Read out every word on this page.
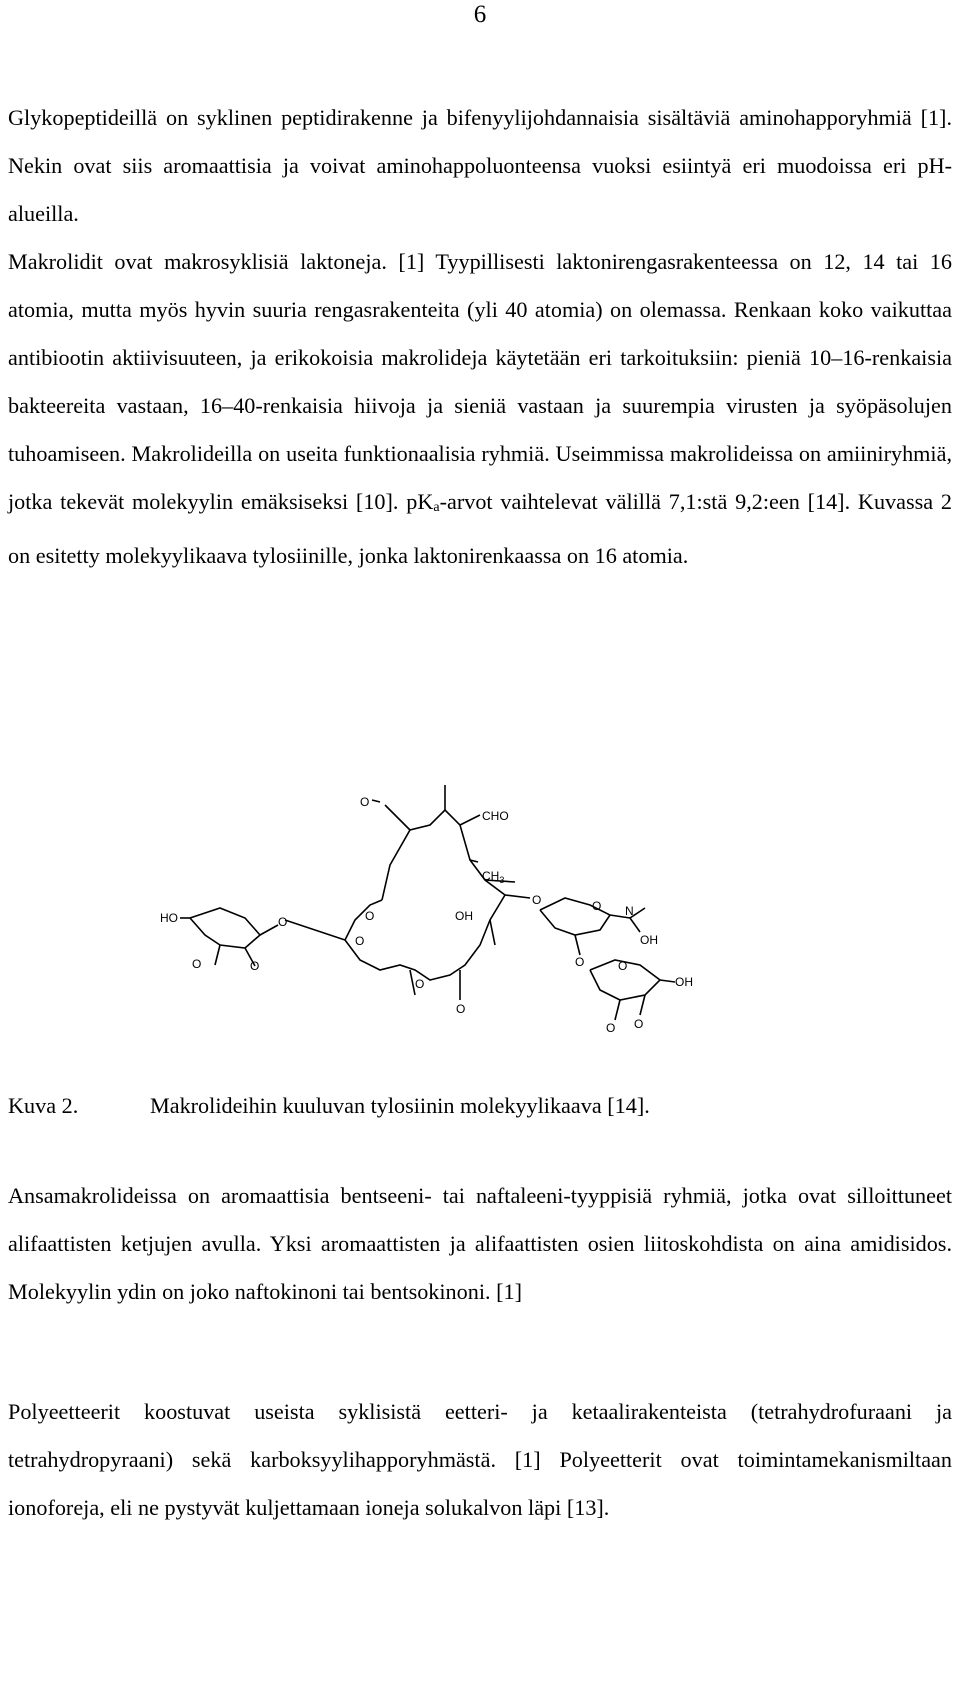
6

Glykopeptideillä on syklinen peptidirakenne ja bifenyylijohdannaisia sisältäviä aminohapporyhmiä [1]. Nekin ovat siis aromaattisia ja voivat aminohappoluonteensa vuoksi esiintyä eri muodoissa eri pH-alueilla.

Makrolidit ovat makrosyklisiä laktoneja. [1] Tyypillisesti laktonirengasrakenteessa on 12, 14 tai 16 atomia, mutta myös hyvin suuria rengasrakenteita (yli 40 atomia) on olemassa. Renkaan koko vaikuttaa antibiootin aktiivisuuteen, ja erikokoisia makrolideja käytetään eri tarkoituksiin: pieniä 10–16-renkaisia bakteereita vastaan, 16–40-renkaisia hiivoja ja sieniä vastaan ja suurempia virusten ja syöpäsolujen tuhoamiseen. Makrolideilla on useita funktionaalisia ryhmiä. Useimmissa makrolideissa on amiiniryhmiä, jotka tekevät molekyylin emäksiseksi [10]. $pK_a$-arvot vaihtelevat välillä 7,1:stä 9,2:een [14]. Kuvassa 2 on esitetty molekyylikaava tylosiinille, jonka laktonirenkaassa on 16 atomia.

O
CHO
$CH_3$
OH
HO
O	O
O
O
O
O
O
O	O N
OH
O	O
OH
O
O
Kuva 2.	Makrolideihin kuuluvan tylosiinin molekyylikaava [14].

Ansamakrolideissa on aromaattisia bentseeni- tai naftaleeni-tyyppisiä ryhmiä, jotka ovat silloittuneet alifaattisten ketjujen avulla. Yksi aromaattisten ja alifaattisten osien liitoskohdista on aina amidisidos. Molekyylin ydin on joko naftokinoni tai bentsokinoni. [1]

Polyeetteerit koostuvat useista syklisistä eetteri- ja ketaalirakenteista (tetrahydrofuraani ja tetrahydropyraani) sekä karboksyylihapporyhmästä. [1] Polyeetterit ovat toimintamekanismiltaan ionoforeja, eli ne pystyvät kuljettamaan ioneja solukalvon läpi [13].
